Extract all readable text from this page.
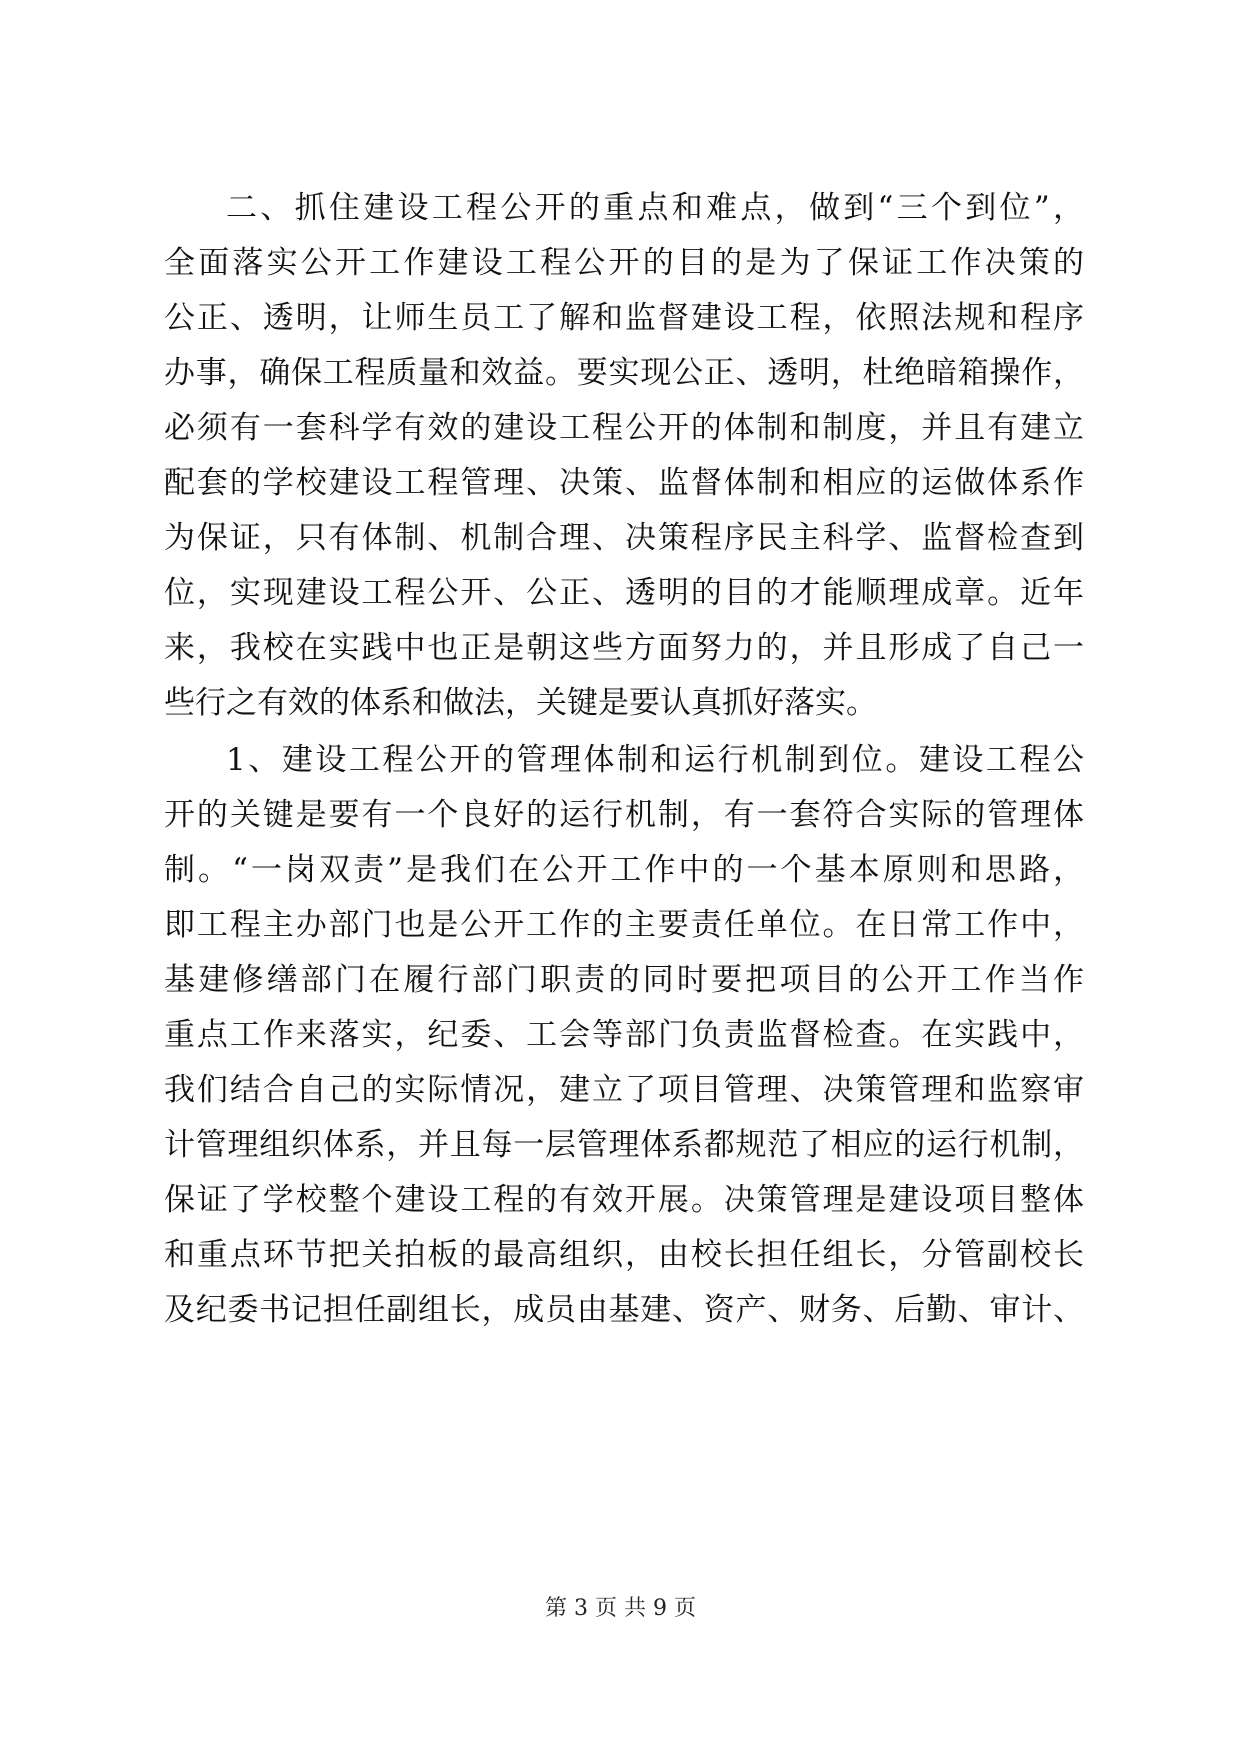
二、抓住建设工程公开的重点和难点，做到“三个到位”，
全面落实公开工作建设工程公开的目的是为了保证工作决策的
公正、透明，让师生员工了解和监督建设工程，依照法规和程序
办事，确保工程质量和效益。要实现公正、透明，杜绝暗箱操作，
必须有一套科学有效的建设工程公开的体制和制度，并且有建立
配套的学校建设工程管理、决策、监督体制和相应的运做体系作
为保证，只有体制、机制合理、决策程序民主科学、监督检查到
位，实现建设工程公开、公正、透明的目的才能顺理成章。近年
来，我校在实践中也正是朝这些方面努力的，并且形成了自己一
些行之有效的体系和做法，关键是要认真抓好落实。
1、建设工程公开的管理体制和运行机制到位。建设工程公
开的关键是要有一个良好的运行机制，有一套符合实际的管理体
制。“一岗双责”是我们在公开工作中的一个基本原则和思路，
即工程主办部门也是公开工作的主要责任单位。在日常工作中，
基建修缮部门在履行部门职责的同时要把项目的公开工作当作
重点工作来落实，纪委、工会等部门负责监督检查。在实践中，
我们结合自己的实际情况，建立了项目管理、决策管理和监察审
计管理组织体系，并且每一层管理体系都规范了相应的运行机制，
保证了学校整个建设工程的有效开展。决策管理是建设项目整体
和重点环节把关拍板的最高组织，由校长担任组长，分管副校长
及纪委书记担任副组长，成员由基建、资产、财务、后勤、审计、
第 3 页 共 9 页
